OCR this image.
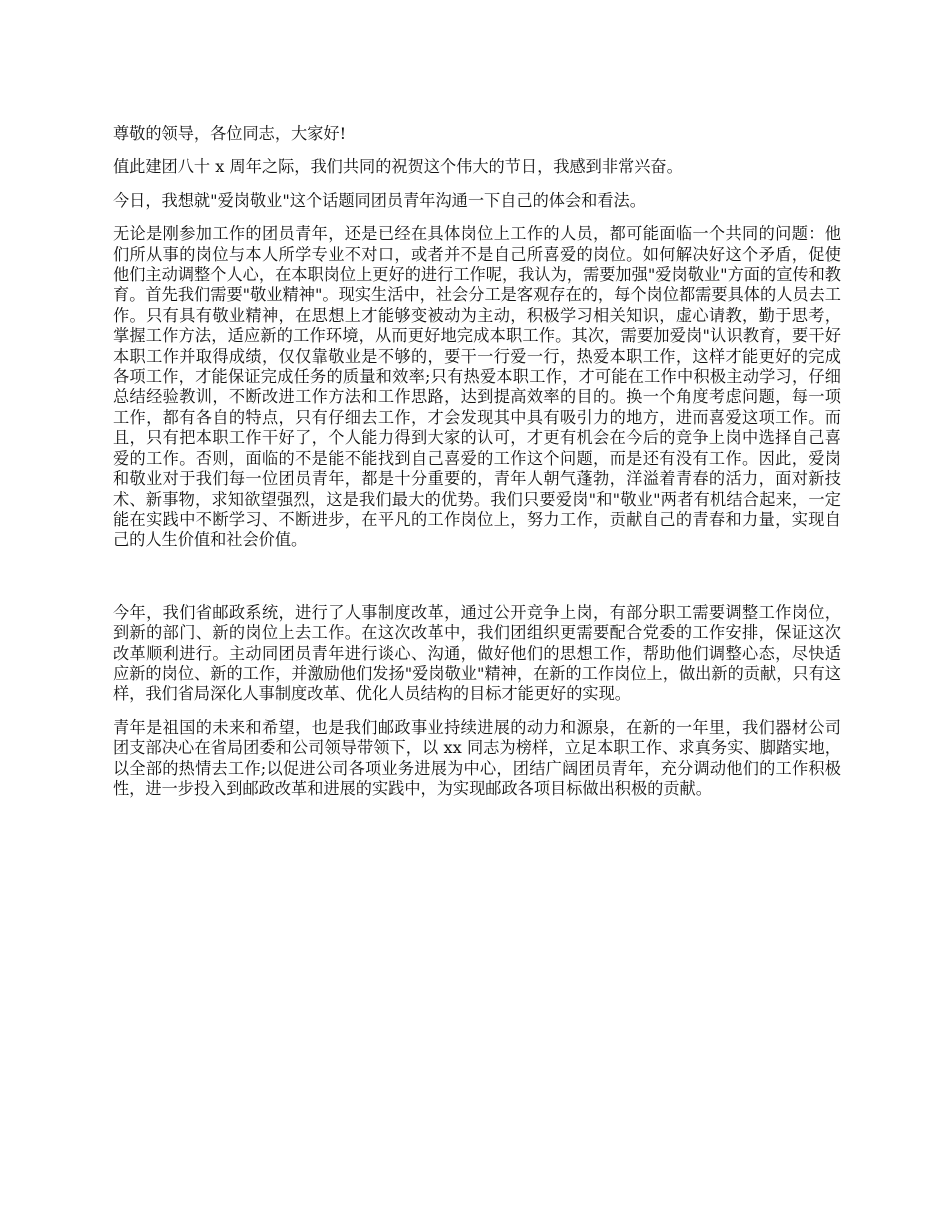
尊敬的领导，各位同志，大家好!

值此建团八十 x 周年之际，我们共同的祝贺这个伟大的节日，我感到非常兴奋。

今日，我想就"爱岗敬业"这个话题同团员青年沟通一下自己的体会和看法。

无论是刚参加工作的团员青年，还是已经在具体岗位上工作的人员，都可能面临一个共同的问题：他们所从事的岗位与本人所学专业不对口，或者并不是自己所喜爱的岗位。如何解决好这个矛盾，促使他们主动调整个人心，在本职岗位上更好的进行工作呢，我认为，需要加强"爱岗敬业"方面的宣传和教育。首先我们需要"敬业精神"。现实生活中，社会分工是客观存在的，每个岗位都需要具体的人员去工作。只有具有敬业精神，在思想上才能够变被动为主动，积极学习相关知识，虚心请教，勤于思考，掌握工作方法，适应新的工作环境，从而更好地完成本职工作。其次，需要加爱岗"认识教育，要干好本职工作并取得成绩，仅仅靠敬业是不够的，要干一行爱一行，热爱本职工作，这样才能更好的完成各项工作，才能保证完成任务的质量和效率;只有热爱本职工作，才可能在工作中积极主动学习，仔细总结经验教训，不断改进工作方法和工作思路，达到提高效率的目的。换一个角度考虑问题，每一项工作，都有各自的特点，只有仔细去工作，才会发现其中具有吸引力的地方，进而喜爱这项工作。而且，只有把本职工作干好了，个人能力得到大家的认可，才更有机会在今后的竞争上岗中选择自己喜爱的工作。否则，面临的不是能不能找到自己喜爱的工作这个问题，而是还有没有工作。因此，爱岗和敬业对于我们每一位团员青年，都是十分重要的，青年人朝气蓬勃，洋溢着青春的活力，面对新技术、新事物，求知欲望强烈，这是我们最大的优势。我们只要爱岗"和"敬业"两者有机结合起来，一定能在实践中不断学习、不断进步，在平凡的工作岗位上，努力工作，贡献自己的青春和力量，实现自己的人生价值和社会价值。

今年，我们省邮政系统，进行了人事制度改革，通过公开竞争上岗，有部分职工需要调整工作岗位，到新的部门、新的岗位上去工作。在这次改革中，我们团组织更需要配合党委的工作安排，保证这次改革顺利进行。主动同团员青年进行谈心、沟通，做好他们的思想工作，帮助他们调整心态，尽快适应新的岗位、新的工作，并激励他们发扬"爱岗敬业"精神，在新的工作岗位上，做出新的贡献，只有这样，我们省局深化人事制度改革、优化人员结构的目标才能更好的实现。

青年是祖国的未来和希望，也是我们邮政事业持续进展的动力和源泉，在新的一年里，我们器材公司团支部决心在省局团委和公司领导带领下，以 xx 同志为榜样，立足本职工作、求真务实、脚踏实地，以全部的热情去工作;以促进公司各项业务进展为中心，团结广阔团员青年，充分调动他们的工作积极性，进一步投入到邮政改革和进展的实践中，为实现邮政各项目标做出积极的贡献。
